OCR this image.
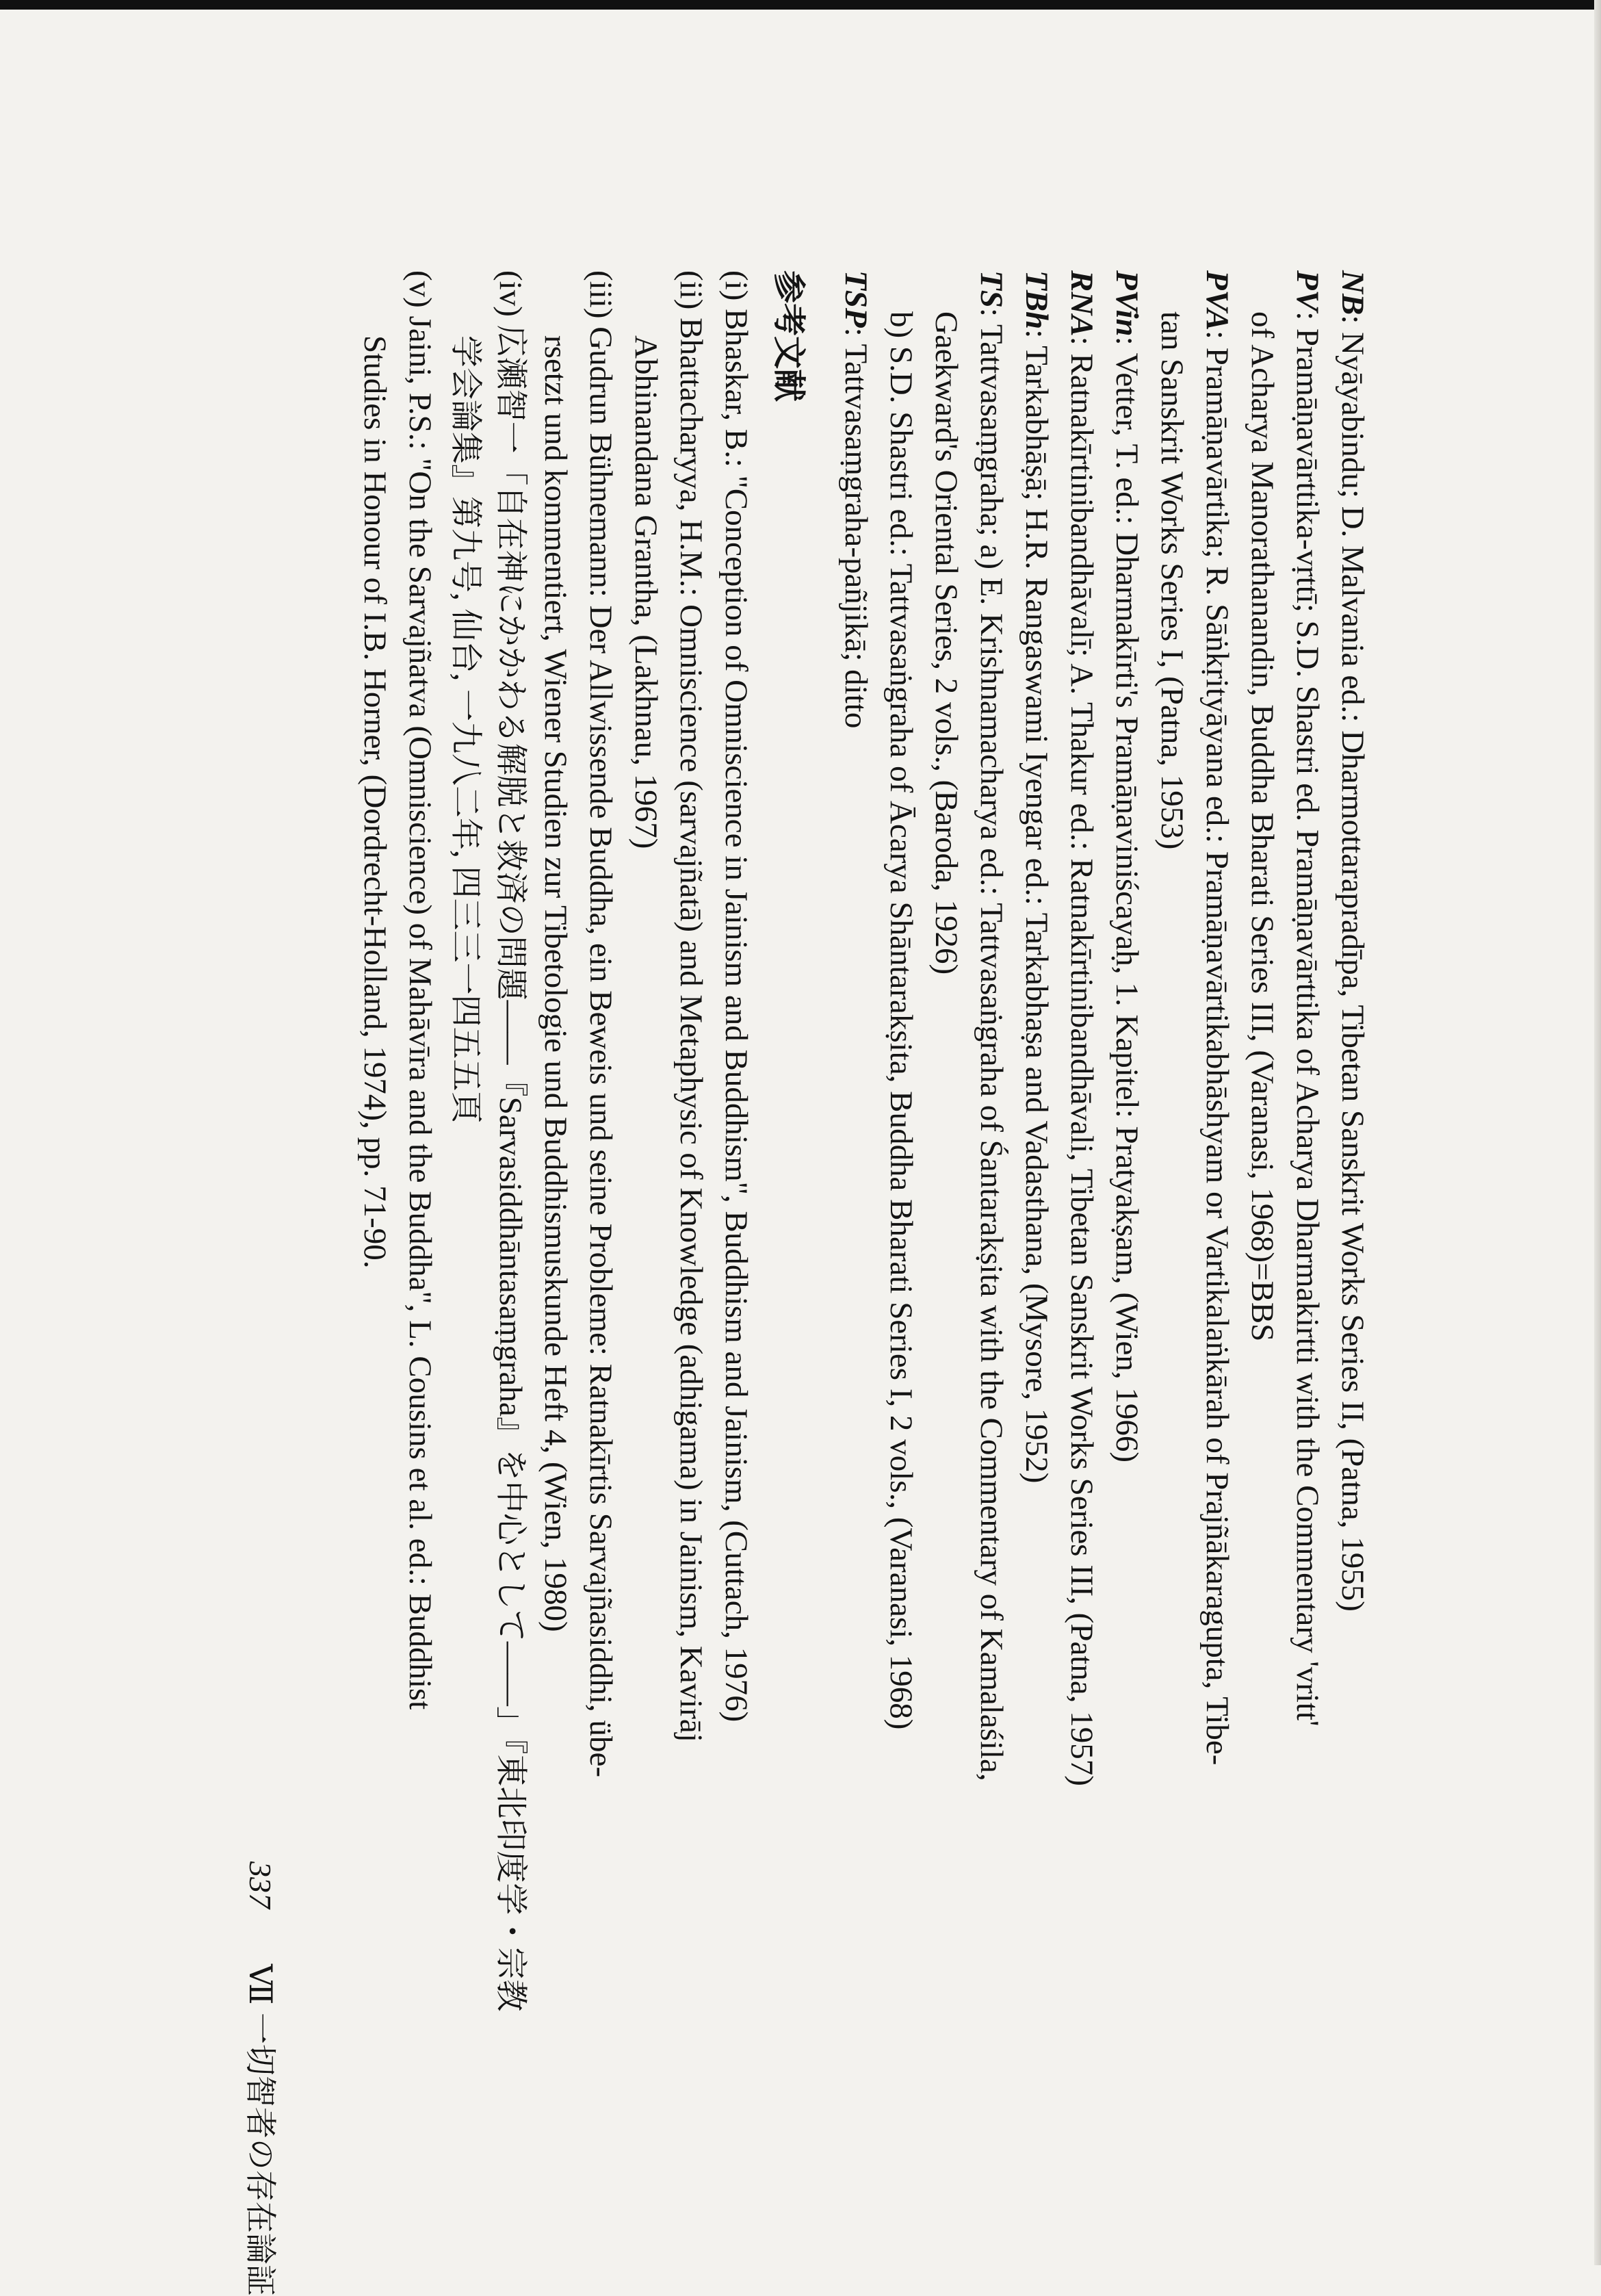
NB: Nyāyabindu; D. Malvania ed.: Dharmottarapradīpa, Tibetan Sanskrit Works Series II, (Patna, 1955)
PV: Pramāṇavārttika-vṛttī; S.D. Shastri ed. Pramāṇavārttika of Acharya Dharmakirtti with the Commentary 'vritt'
of Acharya Manorathanandin, Buddha Bharati Series III, (Varanasi, 1968)=BBS
PVA: Pramāṇavārtika; R. Sāṅkṛityāyana ed.: Pramāṇavārtikabhāshyam or Vartikalaṅkārah of Prajñākaragupta, Tibe-
tan Sanskrit Works Series I, (Patna, 1953)
PVin: Vetter, T. ed.: Dharmakīrti's Pramāṇaviniścayaḥ, 1. Kapitel: Pratyakṣam, (Wien, 1966)
RNA: Ratnakīrtinibandhāvalī; A. Thakur ed.: Ratnakīrtinibandhāvali, Tibetan Sanskrit Works Series III, (Patna, 1957)
TBh: Tarkabhāṣā; H.R. Rangaswami Iyengar ed.: Tarkabhaṣa and Vadasthana, (Mysore, 1952)
TS: Tattvasaṃgraha; a) E. Krishnamacharya ed.: Tattvasaṅgraha of Śantarakṣita with the Commentary of Kamalaśila,
Gaekward's Oriental Series, 2 vols., (Baroda, 1926)
b) S.D. Shastri ed.: Tattvasaṅgraha of Ācarya Shāntarakṣita, Buddha Bharati Series I, 2 vols., (Varanasi, 1968)
TSP: Tattvasaṃgraha-pañjikā; ditto
参考文献
(i) Bhaskar, B.: "Conception of Omniscience in Jainism and Buddhism", Buddhism and Jainism, (Cuttach, 1976)
(ii) Bhattacharyya, H.M.: Omniscience (sarvajñatā) and Metaphysic of Knowledge (adhigama) in Jainism, Kavirāj
Abhinandana Grantha, (Lakhnau, 1967)
(iii) Gudrun Bühnemann: Der Allwissende Buddha, ein Beweis und seine Probleme: Ratnakīrtis Sarvajñasiddhi, übe-
rsetzt und kommentiert, Wiener Studien zur Tibetologie und Buddhismuskunde Heft 4, (Wien, 1980)
(iv) 広瀬智一「自在神にかかわる解脱と救済の問題――『Sarvasiddhāntasaṃgraha』を中心として――」『東北印度学・宗教
学会論集』第九号, 仙台, 一九八二年, 四三三一四五五頁
(v) Jaini, P.S.: "On the Sarvajñatva (Omniscience) of Mahāvīra and the Buddha", L. Cousins et al. ed.: Buddhist
Studies in Honour of I.B. Horner, (Dordrecht-Holland, 1974), pp. 71-90.
337
Ⅶ 一切智者の存在論証
